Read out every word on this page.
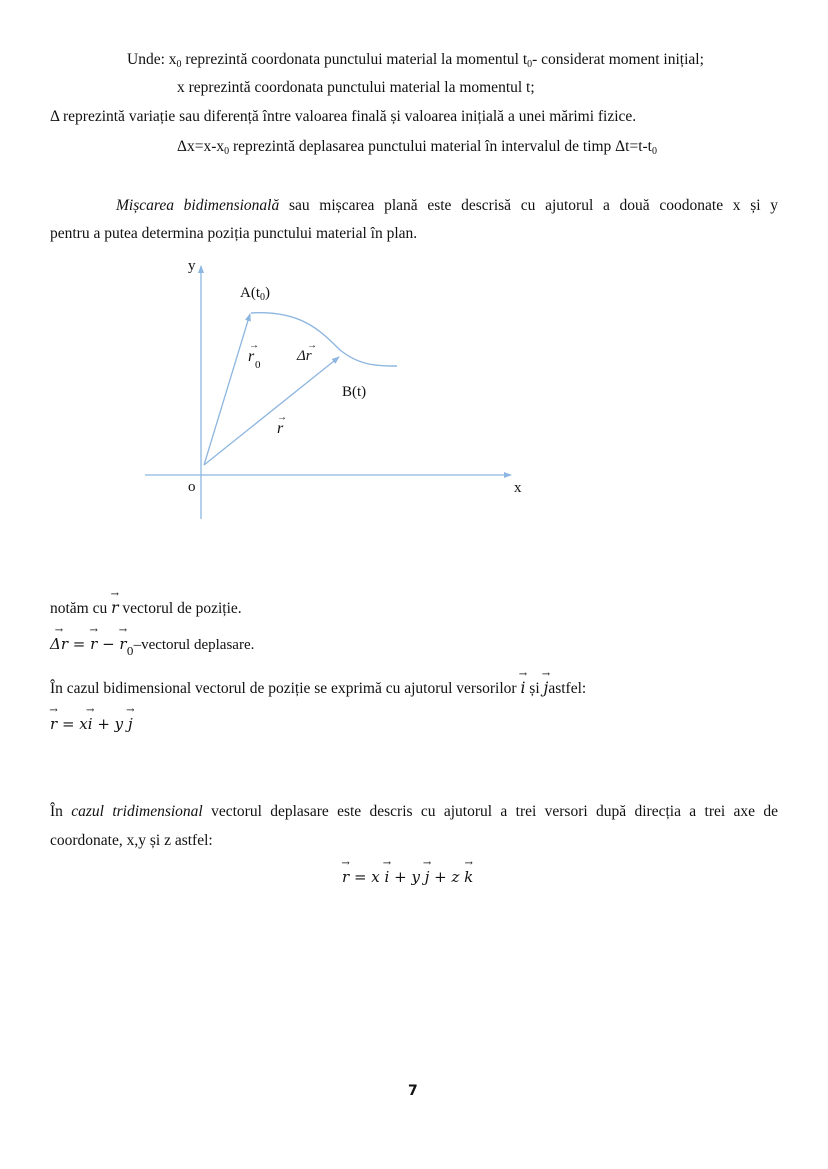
Unde: $x_0$ reprezintă coordonata punctului material la momentul $t_0-$ considerat moment inițial;
x reprezintă coordonata punctului material la momentul t;
Δ reprezintă variație sau diferență între valoarea finală și valoarea inițială a unei mărimi fizice.
$\Delta x=x-x_0$ reprezintă deplasarea punctului material în intervalul de timp $\Delta t=t-t_0$
Mișcarea bidimensională sau mișcarea plană este descrisă cu ajutorul a două coodonate x și y
pentru a putea determina poziția punctului material în plan.
y
x
o
$A(t_0)$
B(t)
→
r 0
→
Δr
→
r
notăm cu → r vectorul de poziție.
→ Δr = → r − → $r_0$–vectorul deplasare.
În cazul bidimensional vectorul de poziție se exprimă cu ajutorul versorilor → i și → jastfel:
→ r = x→ i + y → j
În cazul tridimensional vectorul deplasare este descris cu ajutorul a trei versori după direcția a trei axe de
coordonate, x,y și z astfel:
→ r = x → i + y → j + z → k
7
